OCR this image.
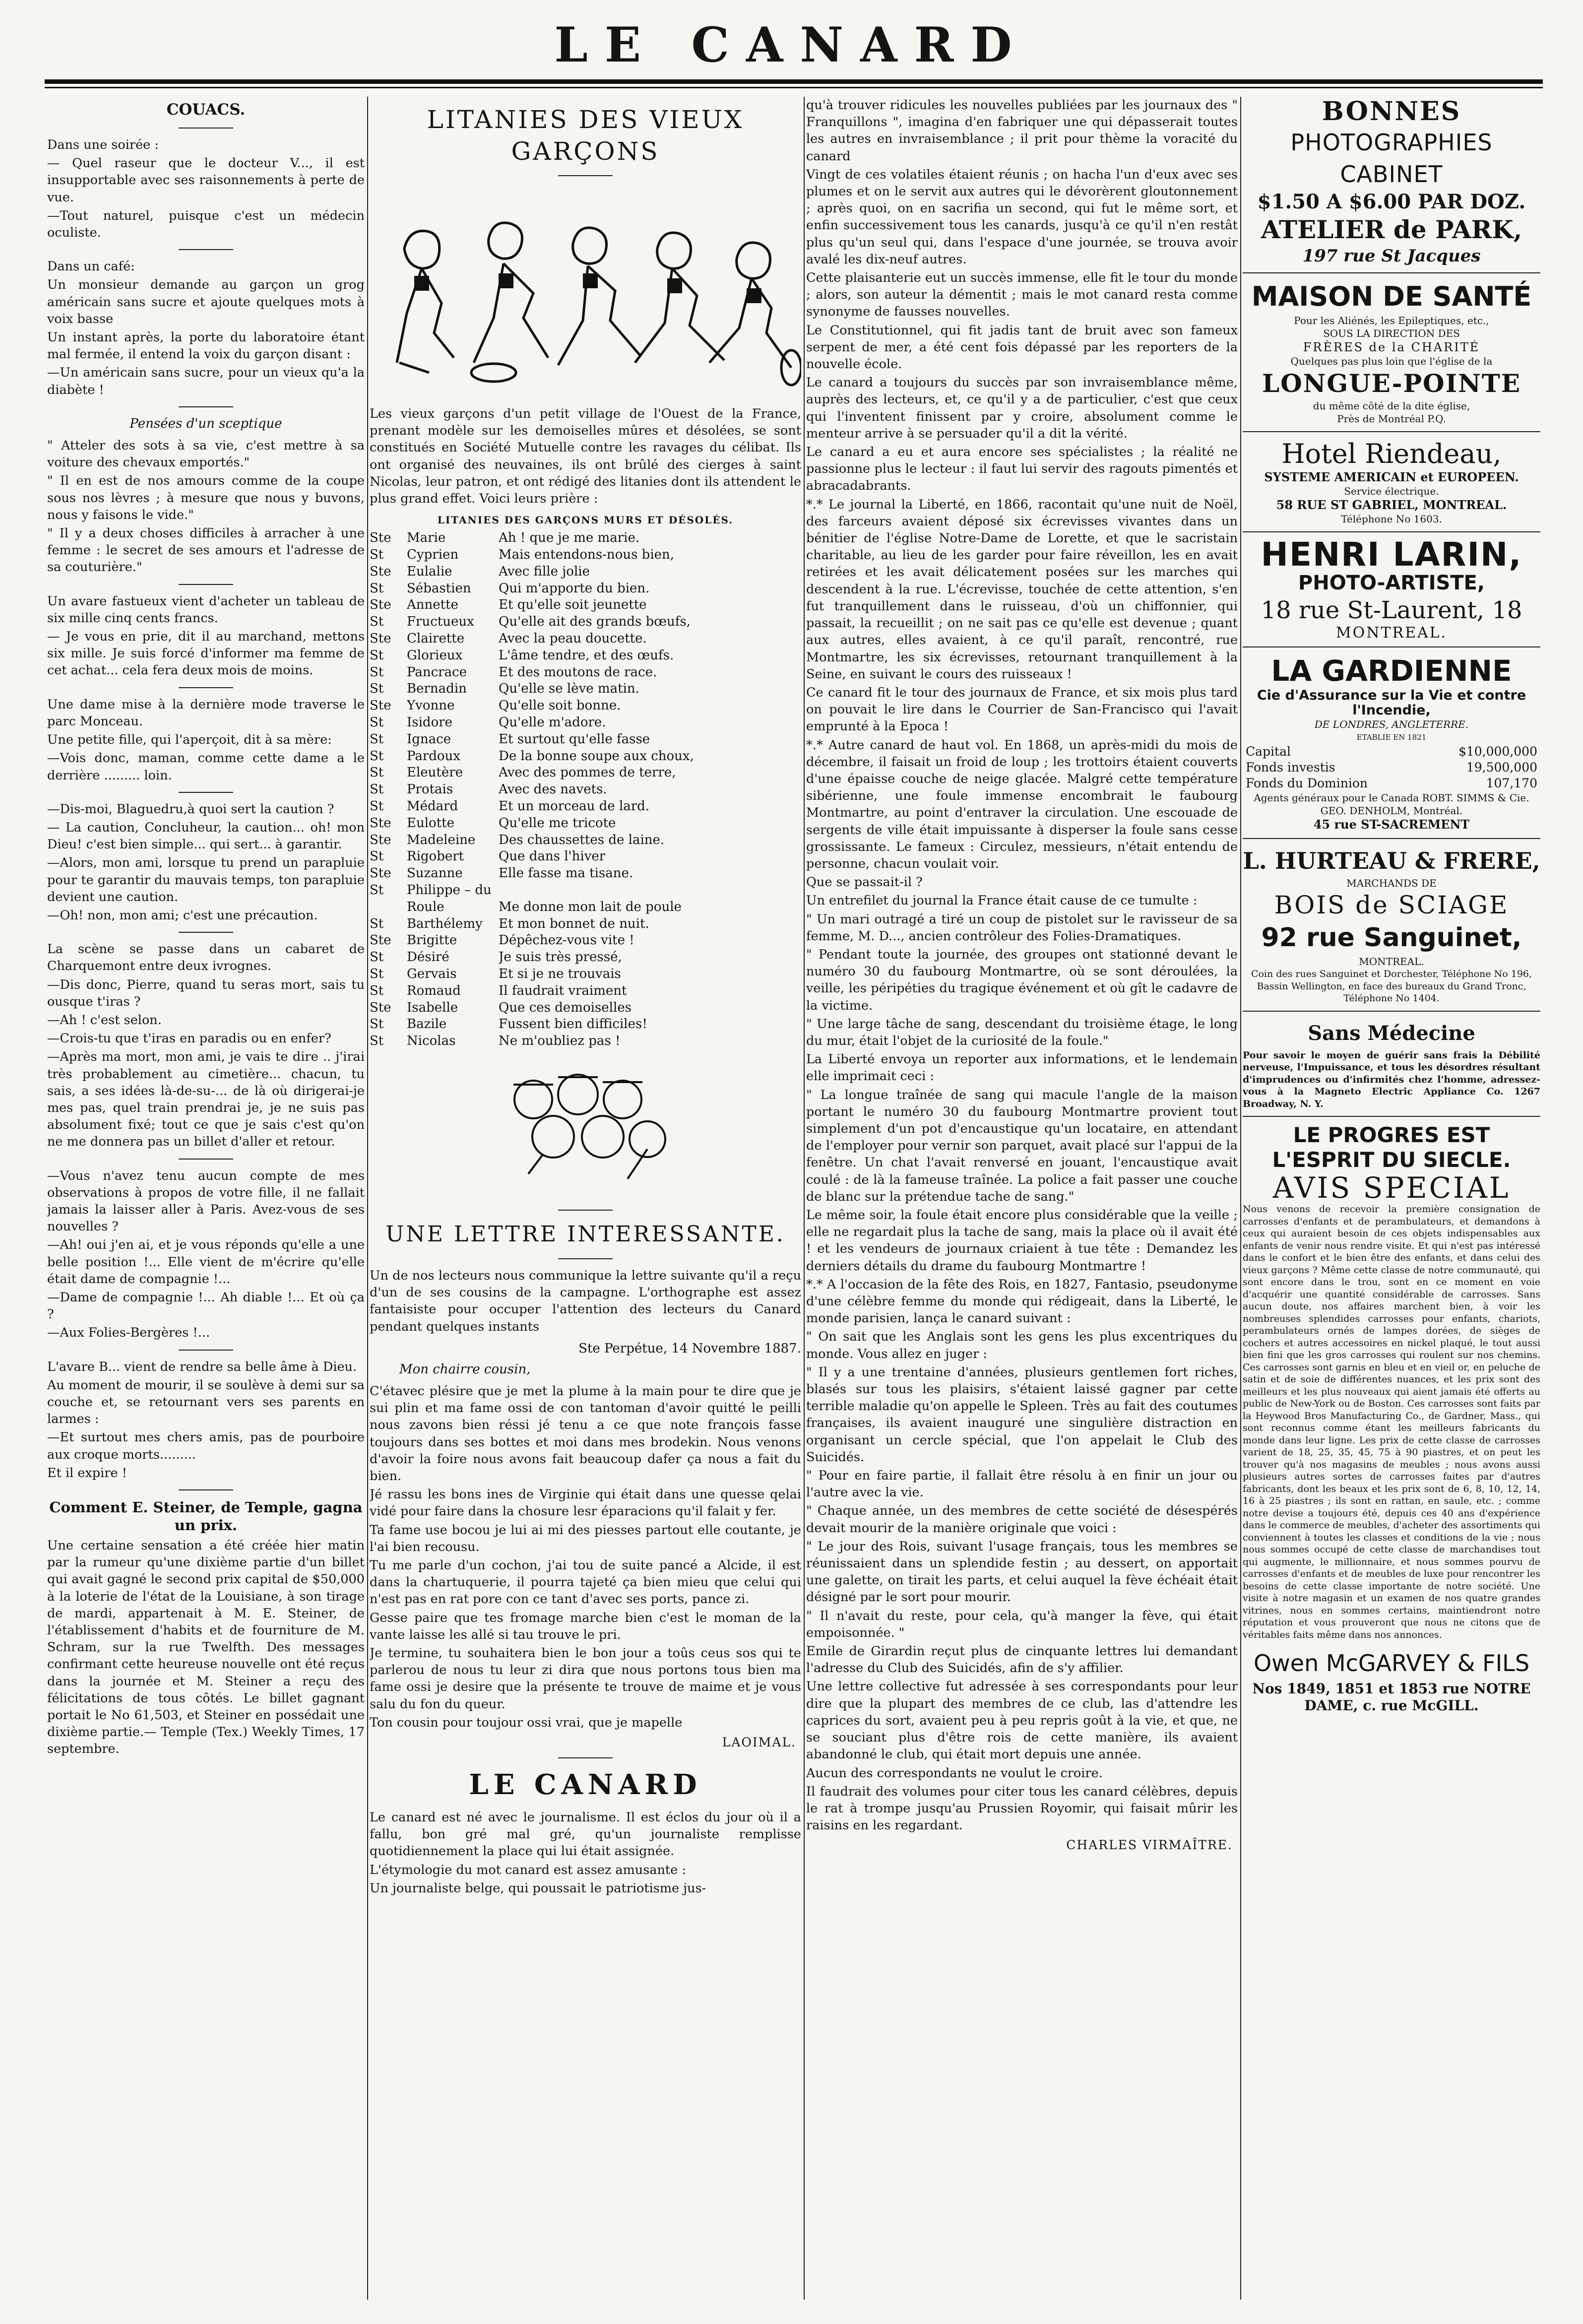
LE CANARD
COUACS.

Dans une soirée :

— Quel raseur que le docteur V..., il est insupportable avec ses raisonnements à perte de vue.

—Tout naturel, puisque c'est un médecin oculiste.

Dans un café:

Un monsieur demande au garçon un grog américain sans sucre et ajoute quelques mots à voix basse

Un instant après, la porte du laboratoire étant mal fermée, il entend la voix du garçon disant :

—Un américain sans sucre, pour un vieux qu'a la diabète !

Pensées d'un sceptique

" Atteler des sots à sa vie, c'est mettre à sa voiture des chevaux emportés."

" Il en est de nos amours comme de la coupe sous nos lèvres ; à mesure que nous y buvons, nous y faisons le vide."

" Il y a deux choses difficiles à arracher à une femme : le secret de ses amours et l'adresse de sa couturière."

Un avare fastueux vient d'acheter un tableau de six mille cinq cents francs.

— Je vous en prie, dit il au marchand, mettons six mille. Je suis forcé d'informer ma femme de cet achat... cela fera deux mois de moins.

Une dame mise à la dernière mode traverse le parc Monceau.

Une petite fille, qui l'aperçoit, dit à sa mère:

—Vois donc, maman, comme cette dame a le derrière ......... loin.

—Dis-moi, Blaguedru,à quoi sert la caution ?

— La caution, Concluheur, la caution... oh! mon Dieu! c'est bien simple... qui sert... à garantir.

—Alors, mon ami, lorsque tu prend un parapluie pour te garantir du mauvais temps, ton parapluie devient une caution.

—Oh! non, mon ami; c'est une précaution.

La scène se passe dans un cabaret de Charquemont entre deux ivrognes.

—Dis donc, Pierre, quand tu seras mort, sais tu ousque t'iras ?

—Ah ! c'est selon.

—Crois-tu que t'iras en paradis ou en enfer?

—Après ma mort, mon ami, je vais te dire .. j'irai très probablement au cimetière... chacun, tu sais, a ses idées là-de-su-... de là où dirigerai-je mes pas, quel train prendrai je, je ne suis pas absolument fixé; tout ce que je sais c'est qu'on ne me donnera pas un billet d'aller et retour.

—Vous n'avez tenu aucun compte de mes observations à propos de votre fille, il ne fallait jamais la laisser aller à Paris. Avez-vous de ses nouvelles ?

—Ah! oui j'en ai, et je vous réponds qu'elle a une belle position !... Elle vient de m'écrire qu'elle était dame de compagnie !...

—Dame de compagnie !... Ah diable !... Et où ça ?

—Aux Folies-Bergères !...

L'avare B... vient de rendre sa belle âme à Dieu.

Au moment de mourir, il se soulève à demi sur sa couche et, se retournant vers ses parents en larmes :

—Et surtout mes chers amis, pas de pourboire aux croque morts.........

Et il expire !

Comment E. Steiner, de Temple, gagna un prix.

Une certaine sensation a été créée hier matin par la rumeur qu'une dixième partie d'un billet qui avait gagné le second prix capital de $50,000 à la loterie de l'état de la Louisiane, à son tirage de mardi, appartenait à M. E. Steiner, de l'établissement d'habits et de fourniture de M. Schram, sur la rue Twelfth. Des messages confirmant cette heureuse nouvelle ont été reçus dans la journée et M. Steiner a reçu des félicitations de tous côtés. Le billet gagnant portait le No 61,503, et Steiner en possédait une dixième partie.— Temple (Tex.) Weekly Times, 17 septembre.

LITANIES DES VIEUX GARÇONS

Les vieux garçons d'un petit village de l'Ouest de la France, prenant modèle sur les demoiselles mûres et désolées, se sont constitués en Société Mutuelle contre les ravages du célibat. Ils ont organisé des neuvaines, ils ont brûlé des cierges à saint Nicolas, leur patron, et ont rédigé des litanies dont ils attendent le plus grand effet. Voici leurs prière :

LITANIES DES GARÇONS MURS ET DÉSOLÉS.
Ste	Marie	Ah ! que je me marie.
St	Cyprien	Mais entendons-nous bien,
Ste	Eulalie	Avec fille jolie
St	Sébastien	Qui m'apporte du bien.
Ste	Annette	Et qu'elle soit jeunette
St	Fructueux	Qu'elle ait des grands bœufs,
Ste	Clairette	Avec la peau doucette.
St	Glorieux	L'âme tendre, et des œufs.
St	Pancrace	Et des moutons de race.
St	Bernadin	Qu'elle se lève matin.
Ste	Yvonne	Qu'elle soit bonne.
St	Isidore	Qu'elle m'adore.
St	Ignace	Et surtout qu'elle fasse
St	Pardoux	De la bonne soupe aux choux,
St	Eleutère	Avec des pommes de terre,
St	Protais	Avec des navets.
St	Médard	Et un morceau de lard.
Ste	Eulotte	Qu'elle me tricote
Ste	Madeleine	Des chaussettes de laine.
St	Rigobert	Que dans l'hiver
Ste	Suzanne	Elle fasse ma tisane.
St	Philippe – du
Roule	Me donne mon lait de poule
St	Barthélemy	Et mon bonnet de nuit.
Ste	Brigitte	Dépêchez-vous vite !
St	Désiré	Je suis très pressé,
St	Gervais	Et si je ne trouvais
St	Romaud	Il faudrait vraiment
Ste	Isabelle	Que ces demoiselles
St	Bazile	Fussent bien difficiles!
St	Nicolas	Ne m'oubliez pas !
UNE LETTRE INTERESSANTE.

Un de nos lecteurs nous communique la lettre suivante qu'il a reçu d'un de ses cousins de la campagne. L'orthographe est assez fantaisiste pour occuper l'attention des lecteurs du Canard pendant quelques instants

Ste Perpétue, 14 Novembre 1887.

Mon chairre cousin,

C'étavec plésire que je met la plume à la main pour te dire que je sui plin et ma fame ossi de con tantoman d'avoir quitté le peilli nous zavons bien réssi jé tenu a ce que note françois fasse toujours dans ses bottes et moi dans mes brodekin. Nous venons d'avoir la foire nous avons fait beaucoup dafer ça nous a fait du bien.

Jé rassu les bons ines de Virginie qui était dans une quesse qelai vidé pour faire dans la chosure lesr éparacions qu'il falait y fer.

Ta fame use bocou je lui ai mi des piesses partout elle coutante, je l'ai bien recousu.

Tu me parle d'un cochon, j'ai tou de suite pancé a Alcide, il est dans la chartuquerie, il pourra tajeté ça bien mieu que celui qui n'est pas en rat pore con ce tant d'avec ses ports, pance zi.

Gesse paire que tes fromage marche bien c'est le moman de la vante laisse les allé si tau trouve le pri.

Je termine, tu souhaitera bien le bon jour a toûs ceus sos qui te parlerou de nous tu leur zi dira que nous portons tous bien ma fame ossi je desire que la présente te trouve de maime et je vous salu du fon du queur.

Ton cousin pour toujour ossi vrai, que je mapelle

LAOIMAL.
LE CANARD

Le canard est né avec le journalisme. Il est éclos du jour où il a fallu, bon gré mal gré, qu'un journaliste remplisse quotidiennement la place qui lui était assignée.

L'étymologie du mot canard est assez amusante :

Un journaliste belge, qui poussait le patriotisme jus-

qu'à trouver ridicules les nouvelles publiées par les journaux des " Franquillons ", imagina d'en fabriquer une qui dépasserait toutes les autres en invraisemblance ; il prit pour thème la voracité du canard

Vingt de ces volatiles étaient réunis ; on hacha l'un d'eux avec ses plumes et on le servit aux autres qui le dévorèrent gloutonnement ; après quoi, on en sacrifia un second, qui fut le même sort, et enfin successivement tous les canards, jusqu'à ce qu'il n'en restât plus qu'un seul qui, dans l'espace d'une journée, se trouva avoir avalé les dix-neuf autres.

Cette plaisanterie eut un succès immense, elle fit le tour du monde ; alors, son auteur la démentit ; mais le mot canard resta comme synonyme de fausses nouvelles.

Le Constitutionnel, qui fit jadis tant de bruit avec son fameux serpent de mer, a été cent fois dépassé par les reporters de la nouvelle école.

Le canard a toujours du succès par son invraisemblance même, auprès des lecteurs, et, ce qu'il y a de particulier, c'est que ceux qui l'inventent finissent par y croire, absolument comme le menteur arrive à se persuader qu'il a dit la vérité.

Le canard a eu et aura encore ses spécialistes ; la réalité ne passionne plus le lecteur : il faut lui servir des ragouts pimentés et abracadabrants.

*.* Le journal la Liberté, en 1866, racontait qu'une nuit de Noël, des farceurs avaient déposé six écrevisses vivantes dans un bénitier de l'église Notre-Dame de Lorette, et que le sacristain charitable, au lieu de les garder pour faire réveillon, les en avait retirées et les avait délicatement posées sur les marches qui descendent à la rue. L'écrevisse, touchée de cette attention, s'en fut tranquillement dans le ruisseau, d'où un chiffonnier, qui passait, la recueillit ; on ne sait pas ce qu'elle est devenue ; quant aux autres, elles avaient, à ce qu'il paraît, rencontré, rue Montmartre, les six écrevisses, retournant tranquillement à la Seine, en suivant le cours des ruisseaux !

Ce canard fit le tour des journaux de France, et six mois plus tard on pouvait le lire dans le Courrier de San-Francisco qui l'avait emprunté à la Epoca !

*.* Autre canard de haut vol. En 1868, un après-midi du mois de décembre, il faisait un froid de loup ; les trottoirs étaient couverts d'une épaisse couche de neige glacée. Malgré cette température sibérienne, une foule immense encombrait le faubourg Montmartre, au point d'entraver la circulation. Une escouade de sergents de ville était impuissante à disperser la foule sans cesse grossissante. Le fameux : Circulez, messieurs, n'était entendu de personne, chacun voulait voir.

Que se passait-il ?

Un entrefilet du journal la France était cause de ce tumulte :

" Un mari outragé a tiré un coup de pistolet sur le ravisseur de sa femme, M. D..., ancien contrôleur des Folies-Dramatiques.

" Pendant toute la journée, des groupes ont stationné devant le numéro 30 du faubourg Montmartre, où se sont déroulées, la veille, les péripéties du tragique événement et où gît le cadavre de la victime.

" Une large tâche de sang, descendant du troisième étage, le long du mur, était l'objet de la curiosité de la foule."

La Liberté envoya un reporter aux informations, et le lendemain elle imprimait ceci :

" La longue traînée de sang qui macule l'angle de la maison portant le numéro 30 du faubourg Montmartre provient tout simplement d'un pot d'encaustique qu'un locataire, en attendant de l'employer pour vernir son parquet, avait placé sur l'appui de la fenêtre. Un chat l'avait renversé en jouant, l'encaustique avait coulé : de là la fameuse traînée. La police a fait passer une couche de blanc sur la prétendue tache de sang."

Le même soir, la foule était encore plus considérable que la veille ; elle ne regardait plus la tache de sang, mais la place où il avait été ! et les vendeurs de journaux criaient à tue tête : Demandez les derniers détails du drame du faubourg Montmartre !

*.* A l'occasion de la fête des Rois, en 1827, Fantasio, pseudonyme d'une célèbre femme du monde qui rédigeait, dans la Liberté, le monde parisien, lança le canard suivant :

" On sait que les Anglais sont les gens les plus excentriques du monde. Vous allez en juger :

" Il y a une trentaine d'années, plusieurs gentlemen fort riches, blasés sur tous les plaisirs, s'étaient laissé gagner par cette terrible maladie qu'on appelle le Spleen. Très au fait des coutumes françaises, ils avaient inauguré une singulière distraction en organisant un cercle spécial, que l'on appelait le Club des Suicidés.

" Pour en faire partie, il fallait être résolu à en finir un jour ou l'autre avec la vie.

" Chaque année, un des membres de cette société de désespérés devait mourir de la manière originale que voici :

" Le jour des Rois, suivant l'usage français, tous les membres se réunissaient dans un splendide festin ; au dessert, on apportait une galette, on tirait les parts, et celui auquel la fève échéait était désigné par le sort pour mourir.

" Il n'avait du reste, pour cela, qu'à manger la fève, qui était empoisonnée. "

Emile de Girardin reçut plus de cinquante lettres lui demandant l'adresse du Club des Suicidés, afin de s'y affilier.

Une lettre collective fut adressée à ses correspondants pour leur dire que la plupart des membres de ce club, las d'attendre les caprices du sort, avaient peu à peu repris goût à la vie, et que, ne se souciant plus d'être rois de cette manière, ils avaient abandonné le club, qui était mort depuis une année.

Aucun des correspondants ne voulut le croire.

Il faudrait des volumes pour citer tous les canard célèbres, depuis le rat à trompe jusqu'au Prussien Royomir, qui faisait mûrir les raisins en les regardant.

CHARLES VIRMAÎTRE.
BONNES
PHOTOGRAPHIES CABINET
$1.50 A $6.00 PAR DOZ.
ATELIER de PARK,
197 rue St Jacques
MAISON DE SANTÉ
Pour les Aliénés, les Epileptiques, etc.,
SOUS LA DIRECTION DES
FRÈRES de la CHARITÉ
Quelques pas plus loin que l'église de la
LONGUE-POINTE
du même côté de la dite église,
Près de Montréal P.Q.
Hotel Riendeau,
SYSTEME AMERICAIN et EUROPEEN.
Service électrique.
58 RUE ST GABRIEL, MONTREAL.
Téléphone No 1603.
HENRI LARIN,
PHOTO-ARTISTE,
18 rue St-Laurent, 18
MONTREAL.
LA GARDIENNE
Cie d'Assurance sur la Vie et contre l'Incendie,
DE LONDRES, ANGLETERRE.
ETABLIE EN 1821
Capital	$10,000,000
Fonds investis	19,500,000
Fonds du Dominion	107,170
Agents généraux pour le Canada ROBT. SIMMS & Cie. GEO. DENHOLM, Montréal.
45 rue ST-SACREMENT
L. HURTEAU & FRERE,
MARCHANDS DE
BOIS de SCIAGE
92 rue Sanguinet,
MONTREAL.
Coin des rues Sanguinet et Dorchester, Téléphone No 196, Bassin Wellington, en face des bureaux du Grand Tronc, Téléphone No 1404.
Sans Médecine
Pour savoir le moyen de guérir sans frais la Débilité nerveuse, l'Impuissance, et tous les désordres résultant d'imprudences ou d'infirmités chez l'homme, adressez-vous à la Magneto Electric Appliance Co. 1267 Broadway, N. Y.
LE PROGRES EST L'ESPRIT DU SIECLE.
AVIS SPECIAL
Nous venons de recevoir la première consignation de carrosses d'enfants et de perambulateurs, et demandons à ceux qui auraient besoin de ces objets indispensables aux enfants de venir nous rendre visite. Et qui n'est pas intéressé dans le confort et le bien être des enfants, et dans celui des vieux garçons ? Même cette classe de notre communauté, qui sont encore dans le trou, sont en ce moment en voie d'acquérir une quantité considérable de carrosses. Sans aucun doute, nos affaires marchent bien, à voir les nombreuses splendides carrosses pour enfants, chariots, perambulateurs ornés de lampes dorées, de sièges de cochers et autres accessoires en nickel plaqué, le tout aussi bien fini que les gros carrosses qui roulent sur nos chemins. Ces carrosses sont garnis en bleu et en vieil or, en peluche de satin et de soie de différentes nuances, et les prix sont des meilleurs et les plus nouveaux qui aient jamais été offerts au public de New-York ou de Boston. Ces carrosses sont faits par la Heywood Bros Manufacturing Co., de Gardner, Mass., qui sont reconnus comme étant les meilleurs fabricants du monde dans leur ligne. Les prix de cette classe de carrosses varient de 18, 25, 35, 45, 75 à 90 piastres, et on peut les trouver qu'à nos magasins de meubles ; nous avons aussi plusieurs autres sortes de carrosses faites par d'autres fabricants, dont les beaux et les prix sont de 6, 8, 10, 12, 14, 16 à 25 piastres ; ils sont en rattan, en saule, etc. ; comme notre devise a toujours été, depuis ces 40 ans d'expérience dans le commerce de meubles, d'acheter des assortiments qui conviennent à toutes les classes et conditions de la vie ; nous nous sommes occupé de cette classe de marchandises tout qui augmente, le millionnaire, et nous sommes pourvu de carrosses d'enfants et de meubles de luxe pour rencontrer les besoins de cette classe importante de notre société. Une visite à notre magasin et un examen de nos quatre grandes vitrines, nous en sommes certains, maintiendront notre réputation et vous prouveront que nous ne citons que de véritables faits même dans nos annonces.
Owen McGARVEY & FILS
Nos 1849, 1851 et 1853 rue NOTRE DAME, c. rue McGILL.
